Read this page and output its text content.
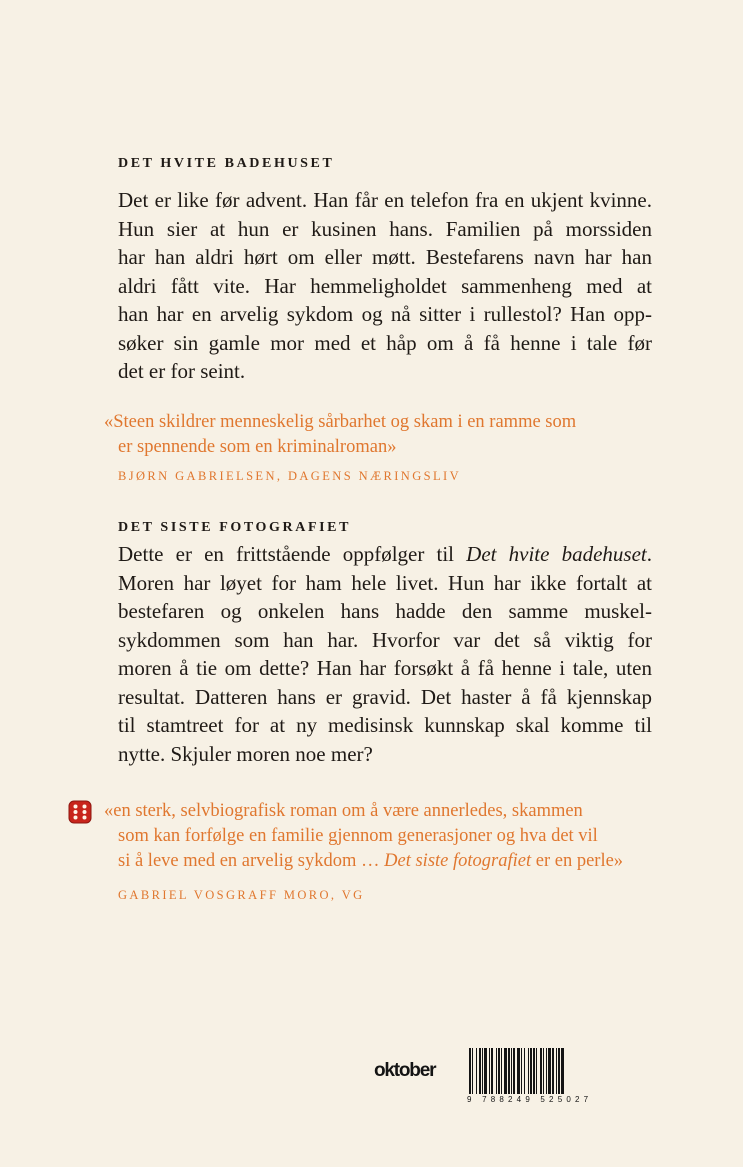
DET HVITE BADEHUSET
Det er like før advent. Han får en telefon fra en ukjent kvinne.
Hun sier at hun er kusinen hans. Familien på morssiden
har han aldri hørt om eller møtt. Bestefarens navn har han
aldri fått vite. Har hemmeligholdet sammenheng med at
han har en arvelig sykdom og nå sitter i rullestol? Han opp-
søker sin gamle mor med et håp om å få henne i tale før
det er for seint.
«Steen skildrer menneskelig sårbarhet og skam i en ramme som
er spennende som en kriminalroman»
BJØRN GABRIELSEN, DAGENS NÆRINGSLIV
DET SISTE FOTOGRAFIET
Dette er en frittstående oppfølger til Det hvite badehuset.
Moren har løyet for ham hele livet. Hun har ikke fortalt at
bestefaren og onkelen hans hadde den samme muskel-
sykdommen som han har. Hvorfor var det så viktig for
moren å tie om dette? Han har forsøkt å få henne i tale, uten
resultat. Datteren hans er gravid. Det haster å få kjennskap
til stamtreet for at ny medisinsk kunnskap skal komme til
nytte. Skjuler moren noe mer?
«en sterk, selvbiografisk roman om å være annerledes, skammen
som kan forfølge en familie gjennom generasjoner og hva det vil
si å leve med en arvelig sykdom … Det siste fotografiet er en perle»
GABRIEL VOSGRAFF MORO, VG
oktober
9 788249 525027
